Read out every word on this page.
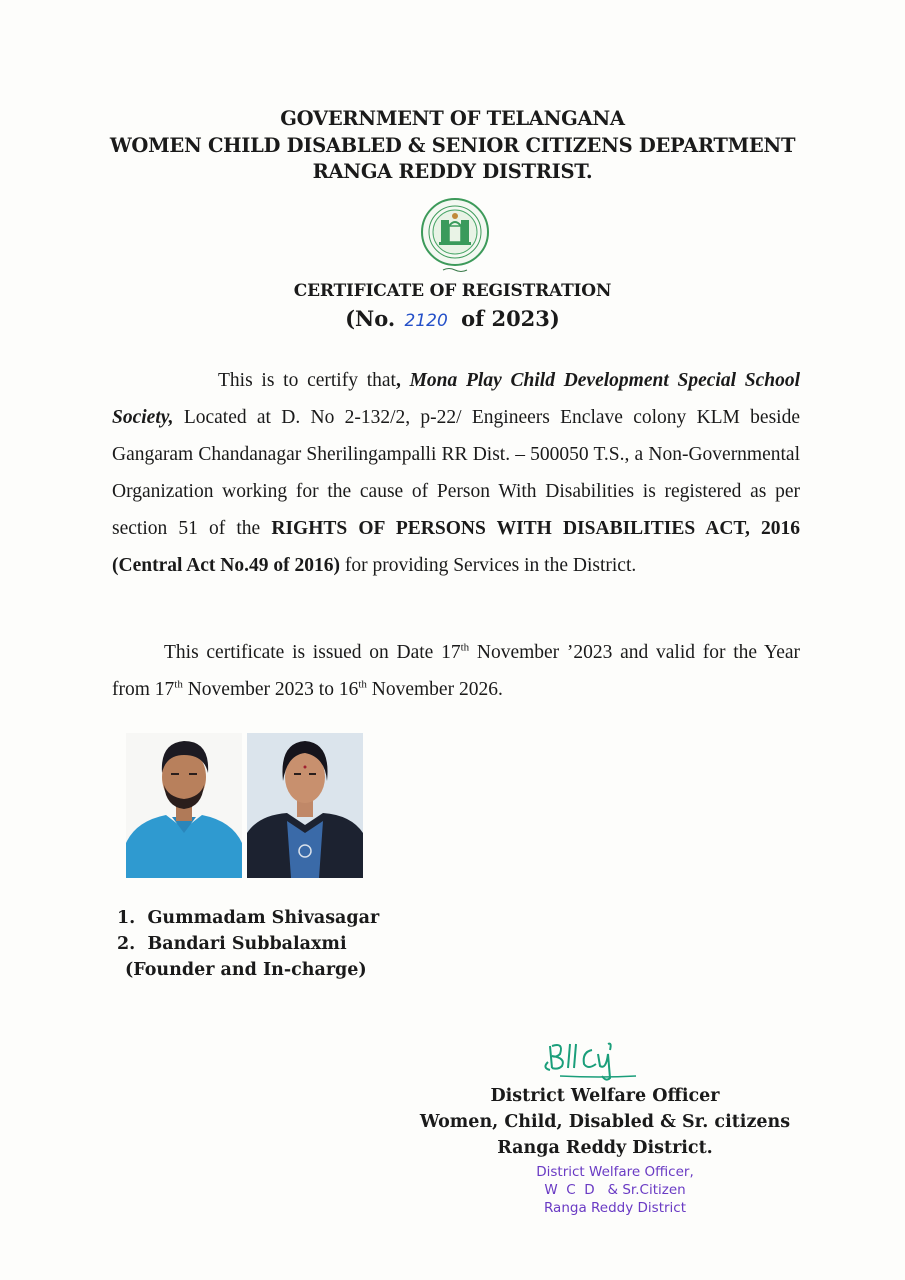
GOVERNMENT OF TELANGANA
WOMEN CHILD DISABLED & SENIOR CITIZENS DEPARTMENT
RANGA REDDY DISTRIST.
CERTIFICATE OF REGISTRATION
(No. 2120 of 2023)
This is to certify that, Mona Play Child Development Special School Society, Located at D. No 2-132/2, p-22/ Engineers Enclave colony KLM beside Gangaram Chandanagar Sherilingampalli RR Dist. – 500050 T.S., a Non-Governmental Organization working for the cause of Person With Disabilities is registered as per section 51 of the RIGHTS OF PERSONS WITH DISABILITIES ACT, 2016 (Central Act No.49 of 2016) for providing Services in the District.
This certificate is issued on Date 17th November ’2023 and valid for the Year from 17th November 2023 to 16th November 2026.
1.  Gummadam Shivasagar
2.  Bandari Subbalaxmi
(Founder and In-charge)
District Welfare Officer
Women, Child, Disabled & Sr. citizens
Ranga Reddy District.
District Welfare Officer,
W  C  D   & Sr.Citizen
Ranga Reddy District
